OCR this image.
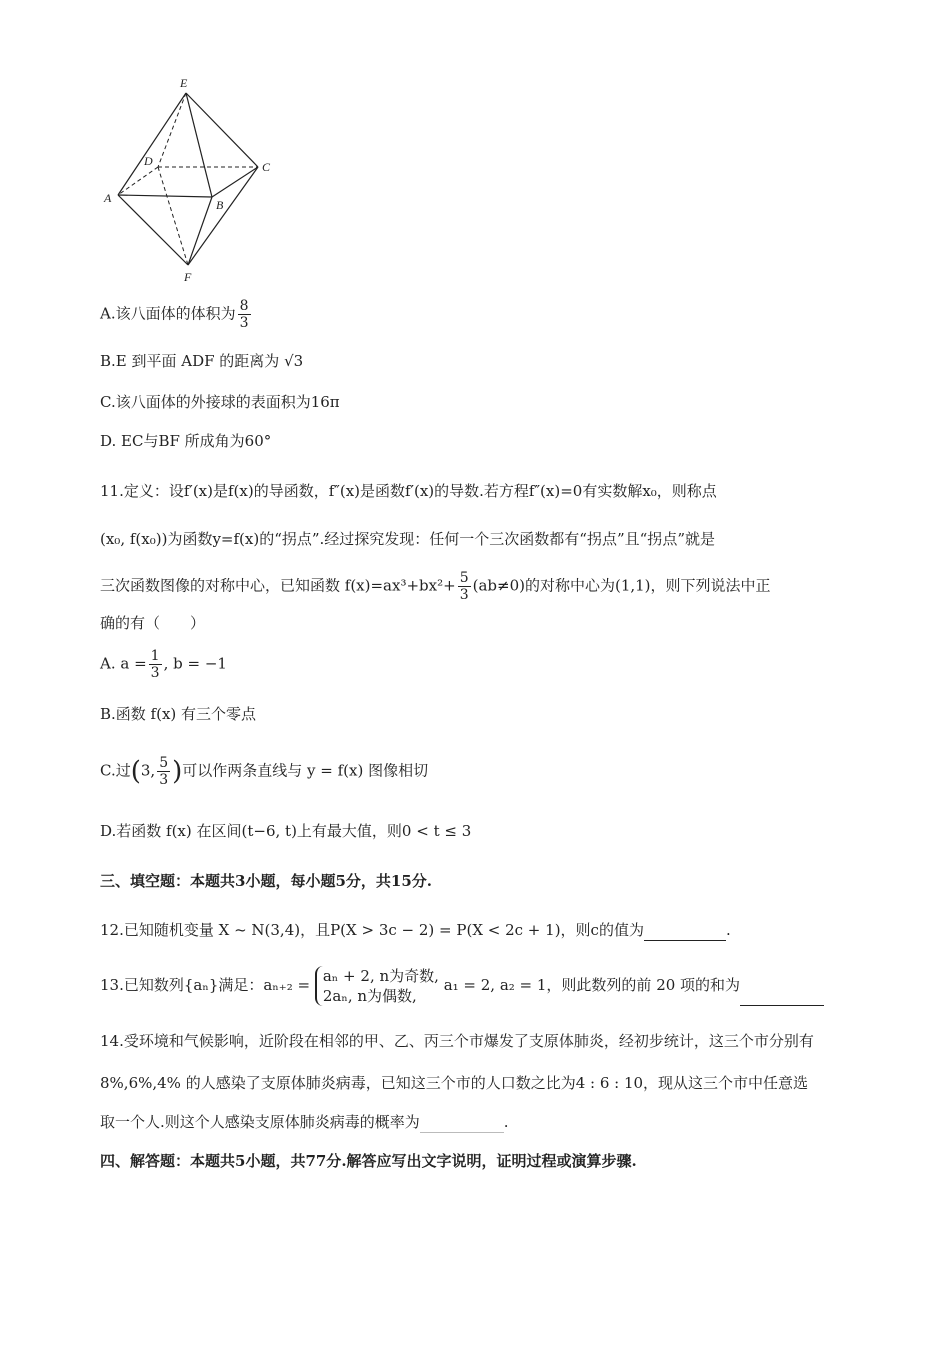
E
D	C
A	B
F
A.该八面体的体积为 $\frac{8}{3}$
B.E 到平面 ADF 的距离为 √3
C.该八面体的外接球的表面积为16π
D. EC与BF 所成角为60°
11.定义：设f′(x)是f(x)的导函数，f″(x)是函数f′(x)的导数.若方程f″(x)=0有实数解x₀，则称点
(x₀, f(x₀))为函数y=f(x)的“拐点”.经过探究发现：任何一个三次函数都有“拐点”且“拐点”就是
三次函数图像的对称中心，已知函数 $f(x)=ax^3+bx^2+ \frac{5}{3} (ab\ne 0)$的对称中心为(1,1)，则下列说法中正
确的有（　　）
A. $a = \frac{1}{3}$ , b = −1
B.函数 f(x) 有三个零点
C.过(3, $\frac{5}{3}$ )可以作两条直线与 y = f(x) 图像相切
D.若函数 f(x) 在区间(t−6, t)上有最大值，则0 < t ≤ 3
三、填空题：本题共3小题，每小题5分，共15分.
12.已知随机变量 X ~ N(3,4)，且P(X > 3c − 2) = P(X < 2c + 1)，则c的值为	.
13.已知数列{aₙ}满足：aₙ₊₂ = aₙ + 2, n为奇数,
2aₙ, n为偶数,
a₁ = 2, a₂ = 1，则此数列的前 20 项的和为
14.受环境和气候影响，近阶段在相邻的甲、乙、丙三个市爆发了支原体肺炎，经初步统计，这三个市分别有
8%,6%,4% 的人感染了支原体肺炎病毒，已知这三个市的人口数之比为4 : 6 : 10，现从这三个市中任意选
取一个人.则这个人感染支原体肺炎病毒的概率为	.
四、解答题：本题共5小题，共77分.解答应写出文字说明，证明过程或演算步骤.
